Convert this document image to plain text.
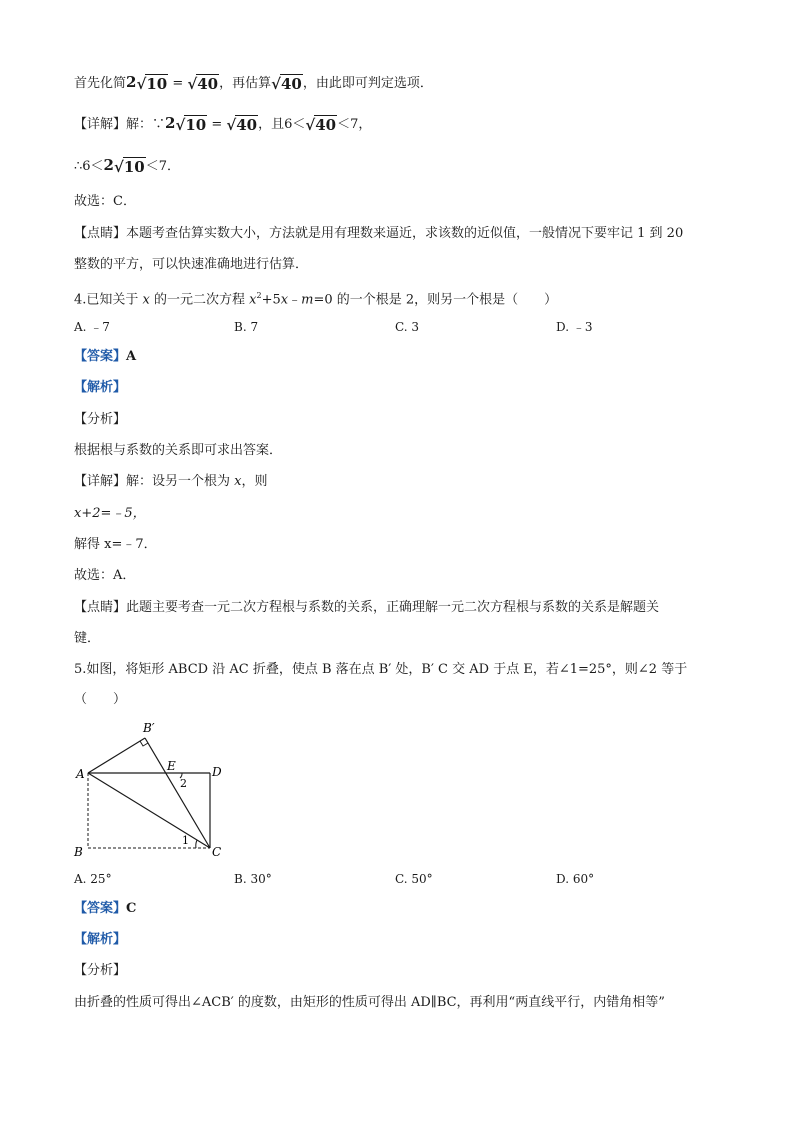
首先化简2√10 = √40，再估算√40，由此即可判定选项．
【详解】解：∵2√10 = √40，且6＜√40＜7，
∴6＜2√10＜7．
故选：C．
【点睛】本题考查估算实数大小，方法就是用有理数来逼近，求该数的近似值，一般情况下要牢记 1 到 20
整数的平方，可以快速准确地进行估算．
4.已知关于 x 的一元二次方程 $x^2+5x﹣m=0$ 的一个根是 2，则另一个根是（　　）
A. ﹣7	B. 7	C. 3	D. ﹣3
【答案】A
【解析】
【分析】
根据根与系数的关系即可求出答案．
【详解】解：设另一个根为 x，则
x+2=﹣5，
解得 x=﹣7．
故选：A．
【点睛】此题主要考查一元二次方程根与系数的关系，正确理解一元二次方程根与系数的关系是解题关
键．
5.如图，将矩形 ABCD 沿 AC 折叠，使点 B 落在点 B′ 处，B′ C 交 AD 于点 E，若∠1=25°，则∠2 等于
（　　）
A
B	C
D
E
B′
1
2
A. 25°	B. 30°	C. 50°	D. 60°
【答案】C
【解析】
【分析】
由折叠的性质可得出∠ACB′ 的度数，由矩形的性质可得出 AD∥BC，再利用“两直线平行，内错角相等”
